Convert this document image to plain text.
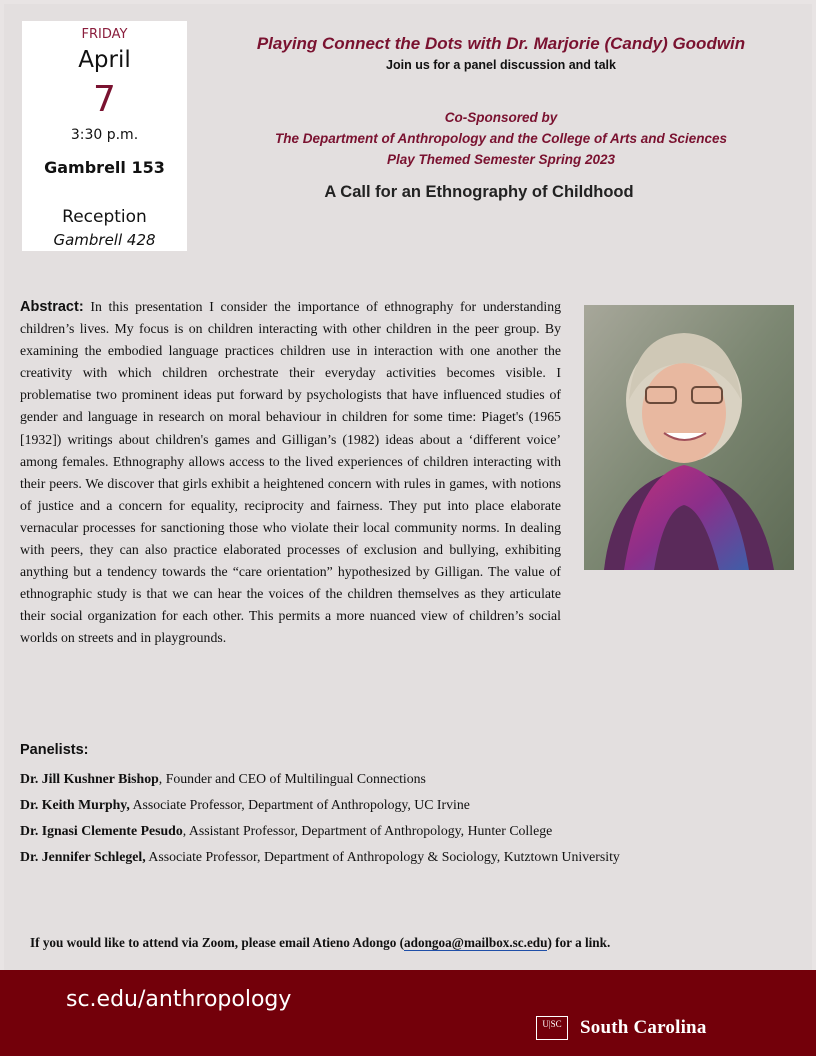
FRIDAY
April
7
3:30 p.m.
Gambrell 153
Reception
Gambrell 428
Playing Connect the Dots with Dr. Marjorie (Candy) Goodwin
Join us for a panel discussion and talk
Co-Sponsored by
The Department of Anthropology and the College of Arts and Sciences
Play Themed Semester Spring 2023
A Call for an Ethnography of Childhood
Abstract: In this presentation I consider the importance of ethnography for understanding children’s lives. My focus is on children interacting with other children in the peer group. By examining the embodied language practices children use in interaction with one another the creativity with which children orchestrate their everyday activities becomes visible. I problematise two prominent ideas put forward by psychologists that have influenced studies of gender and language in research on moral behaviour in children for some time: Piaget's (1965 [1932]) writings about children's games and Gilligan’s (1982) ideas about a ‘different voice’ among females. Ethnography allows access to the lived experiences of children interacting with their peers. We discover that girls exhibit a heightened concern with rules in games, with notions of justice and a concern for equality, reciprocity and fairness. They put into place elaborate vernacular processes for sanctioning those who violate their local community norms. In dealing with peers, they can also practice elaborated processes of exclusion and bullying, exhibiting anything but a tendency towards the “care orientation” hypothesized by Gilligan. The value of ethnographic study is that we can hear the voices of the children themselves as they articulate their social organization for each other. This permits a more nuanced view of children’s social worlds on streets and in playgrounds.
Panelists:
Dr. Jill Kushner Bishop, Founder and CEO of Multilingual Connections
Dr. Keith Murphy, Associate Professor, Department of Anthropology, UC Irvine
Dr. Ignasi Clemente Pesudo, Assistant Professor, Department of Anthropology, Hunter College
Dr. Jennifer Schlegel, Associate Professor, Department of Anthropology & Sociology, Kutztown University
If you would like to attend via Zoom, please email Atieno Adongo (adongoa@mailbox.sc.edu) for a link.
sc.edu/anthropology
U|SC South Carolina
